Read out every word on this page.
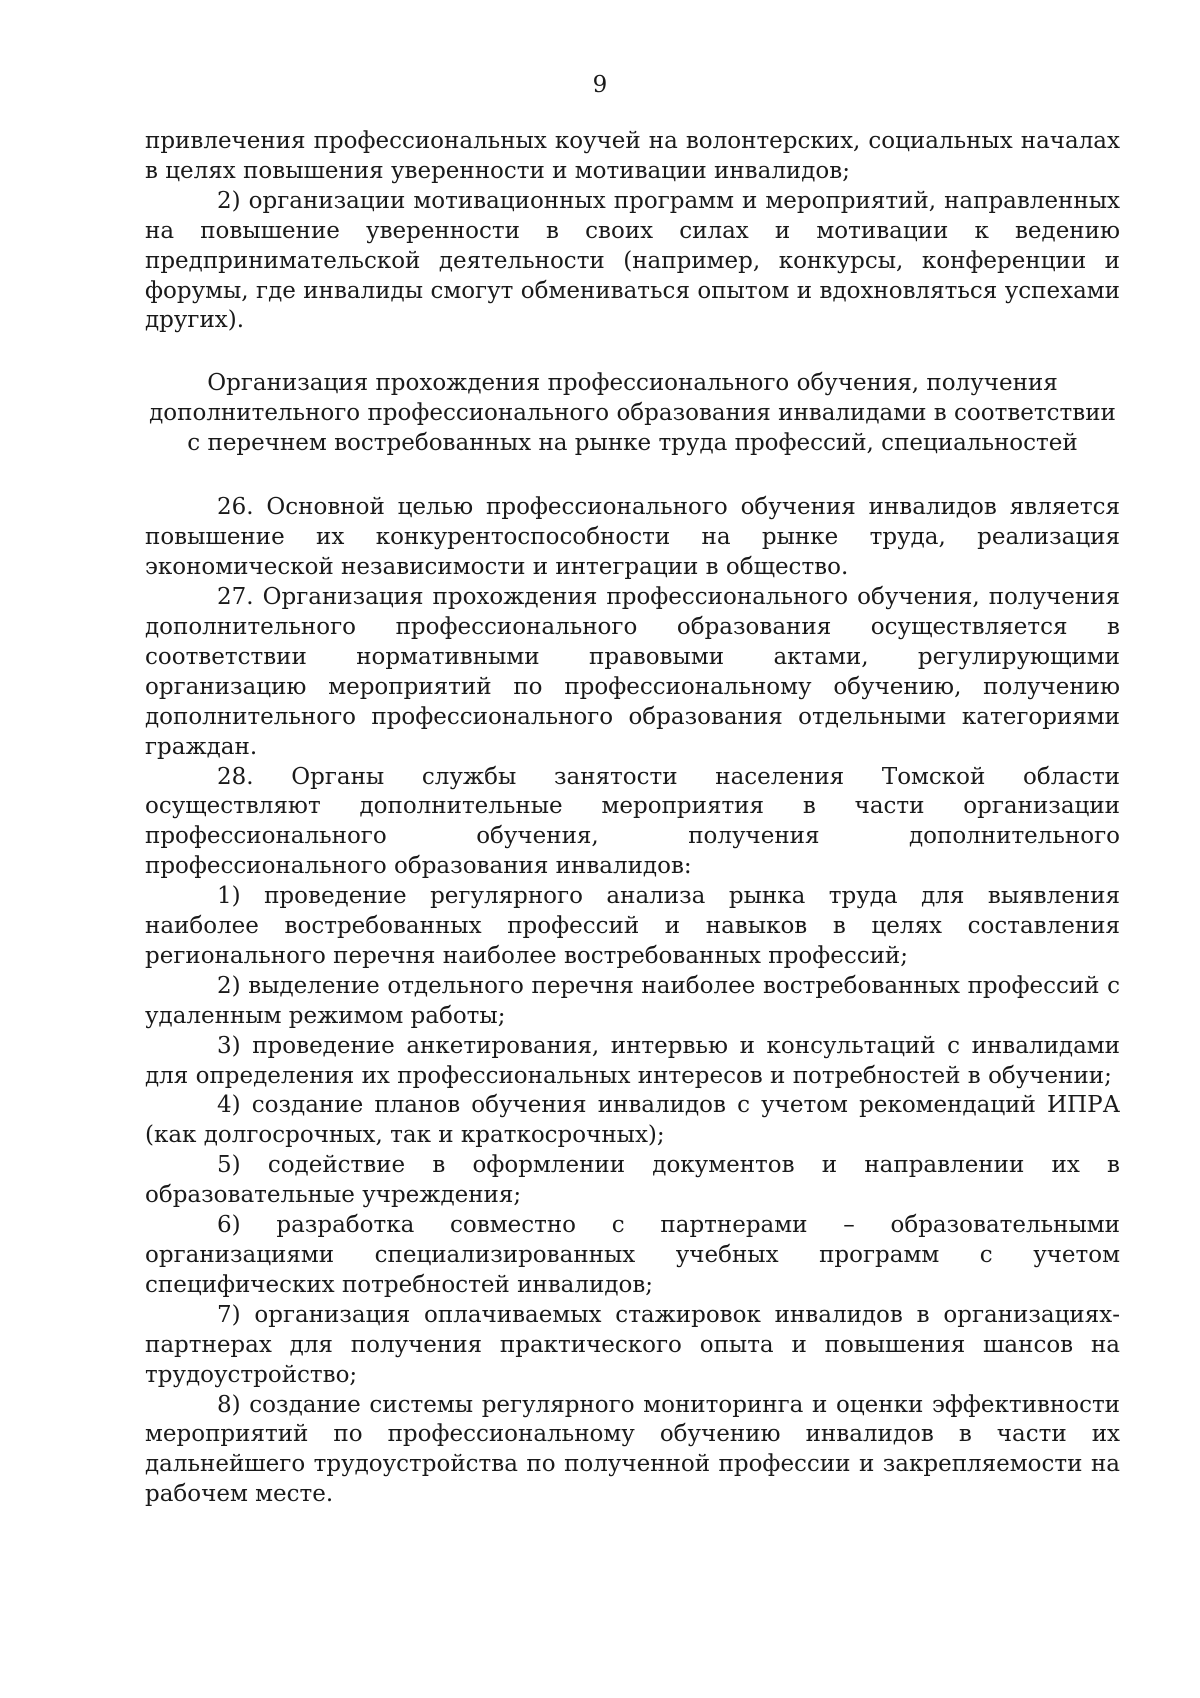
9

привлечения профессиональных коучей на волонтерских, социальных началах в целях повышения уверенности и мотивации инвалидов;

2) организации мотивационных программ и мероприятий, направленных на повышение уверенности в своих силах и мотивации к ведению предпринимательской деятельности (например, конкурсы, конференции и форумы, где инвалиды смогут обмениваться опытом и вдохновляться успехами других).

Организация прохождения профессионального обучения, получения дополнительного профессионального образования инвалидами в соответствии с перечнем востребованных на рынке труда профессий, специальностей

26. Основной целью профессионального обучения инвалидов является повышение их конкурентоспособности на рынке труда, реализация экономической независимости и интеграции в общество.

27. Организация прохождения профессионального обучения, получения дополнительного профессионального образования осуществляется в соответствии нормативными правовыми актами, регулирующими организацию мероприятий по профессиональному обучению, получению дополнительного профессионального образования отдельными категориями граждан.

28. Органы службы занятости населения Томской области осуществляют дополнительные мероприятия в части организации профессионального обучения, получения дополнительного профессионального образования инвалидов:

1) проведение регулярного анализа рынка труда для выявления наиболее востребованных профессий и навыков в целях составления регионального перечня наиболее востребованных профессий;

2) выделение отдельного перечня наиболее востребованных профессий с удаленным режимом работы;

3) проведение анкетирования, интервью и консультаций с инвалидами для определения их профессиональных интересов и потребностей в обучении;

4) создание планов обучения инвалидов с учетом рекомендаций ИПРА (как долгосрочных, так и краткосрочных);

5) содействие в оформлении документов и направлении их в образовательные учреждения;

6) разработка совместно с партнерами – образовательными организациями специализированных учебных программ с учетом специфических потребностей инвалидов;

7) организация оплачиваемых стажировок инвалидов в организациях-партнерах для получения практического опыта и повышения шансов на трудоустройство;

8) создание системы регулярного мониторинга и оценки эффективности мероприятий по профессиональному обучению инвалидов в части их дальнейшего трудоустройства по полученной профессии и закрепляемости на рабочем месте.
